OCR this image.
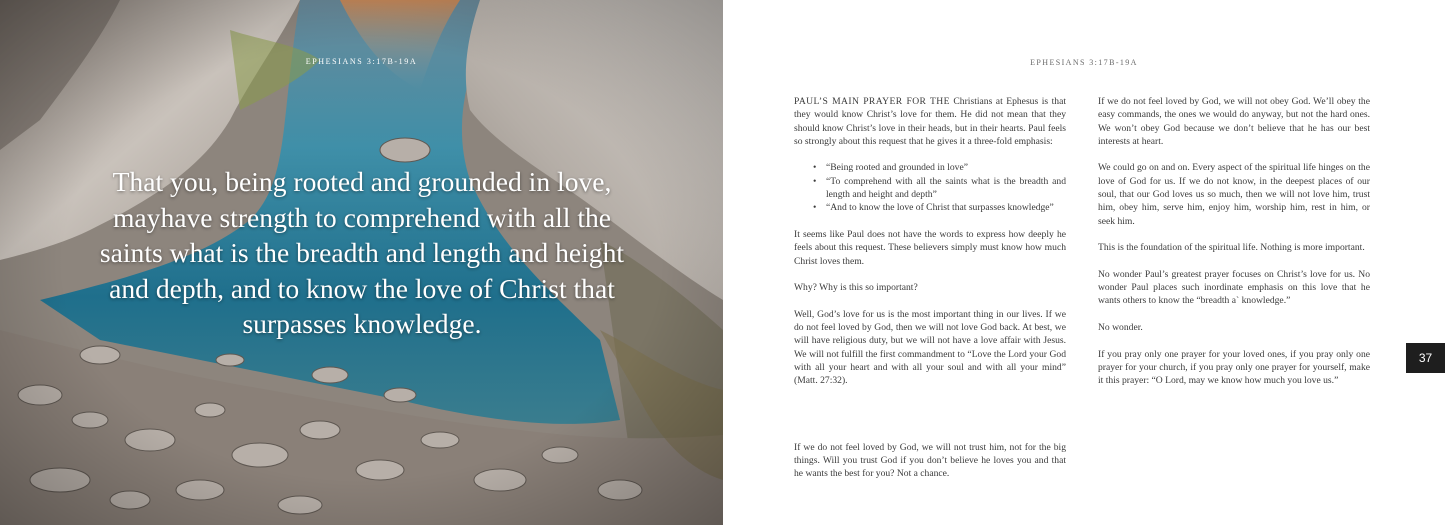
EPHESIANS 3:17B-19A
That you, being rooted and grounded in love, mayhave strength to comprehend with all the saints what is the breadth and length and height and depth, and to know the love of Christ that surpasses knowledge.
EPHESIANS 3:17B-19A

PAUL’S MAIN PRAYER FOR THE Christians at Ephesus is that they would know Christ’s love for them. He did not mean that they should know Christ’s love in their heads, but in their hearts. Paul feels so strongly about this request that he gives it a three-fold emphasis:

• “Being rooted and grounded in love”
• “To comprehend with all the saints what is the breadth and length and height and depth”
• “And to know the love of Christ that surpasses knowledge”

It seems like Paul does not have the words to express how deeply he feels about this request. These believers simply must know how much Christ loves them.

Why? Why is this so important?

Well, God’s love for us is the most important thing in our lives. If we do not feel loved by God, then we will not love God back. At best, we will have religious duty, but we will not have a love affair with Jesus. We will not fulfill the first commandment to “Love the Lord your God with all your heart and with all your soul and with all your mind” (Matt. 27:32).

If we do not feel loved by God, we will not trust him, not for the big things. Will you trust God if you don’t believe he loves you and that he wants the best for you? Not a chance.

If we do not feel loved by God, we will not obey God. We’ll obey the easy commands, the ones we would do anyway, but not the hard ones. We won’t obey God because we don’t believe that he has our best interests at heart.

We could go on and on. Every aspect of the spiritual life hinges on the love of God for us. If we do not know, in the deepest places of our soul, that our God loves us so much, then we will not love him, trust him, obey him, serve him, enjoy him, worship him, rest in him, or seek him.

This is the foundation of the spiritual life. Nothing is more important.

No wonder Paul’s greatest prayer focuses on Christ’s love for us. No wonder Paul places such inordinate emphasis on this love that he wants others to know the “breadth a` knowledge.”

No wonder.

If you pray only one prayer for your loved ones, if you pray only one prayer for your church, if you pray only one prayer for yourself, make it this prayer: “O Lord, may we know how much you love us.”

37
